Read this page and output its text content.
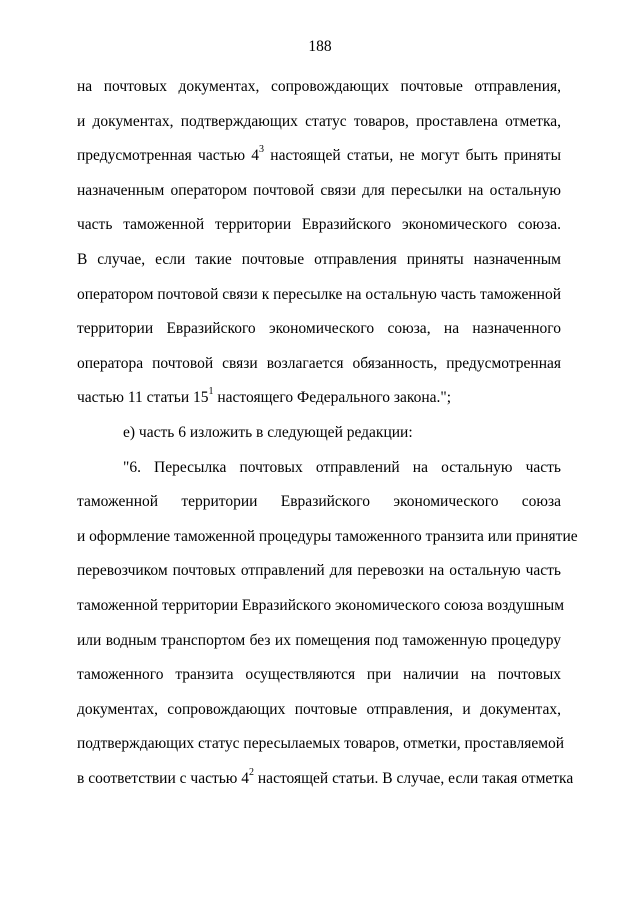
188
на почтовых документах, сопровождающих почтовые отправления,
и документах, подтверждающих статус товаров, проставлена отметка,
предусмотренная частью $4^3$ настоящей статьи, не могут быть приняты
назначенным оператором почтовой связи для пересылки на остальную
часть таможенной территории Евразийского экономического союза.
В случае, если такие почтовые отправления приняты назначенным
оператором почтовой связи к пересылке на остальную часть таможенной
территории Евразийского экономического союза, на назначенного
оператора почтовой связи возлагается обязанность, предусмотренная
частью 11 статьи $15^1$ настоящего Федерального закона.";
е) часть 6 изложить в следующей редакции:
"6. Пересылка почтовых отправлений на остальную часть
таможенной территории Евразийского экономического союза
и оформление таможенной процедуры таможенного транзита или принятие
перевозчиком почтовых отправлений для перевозки на остальную часть
таможенной территории Евразийского экономического союза воздушным
или водным транспортом без их помещения под таможенную процедуру
таможенного транзита осуществляются при наличии на почтовых
документах, сопровождающих почтовые отправления, и документах,
подтверждающих статус пересылаемых товаров, отметки, проставляемой
в соответствии с частью $4^2$ настоящей статьи. В случае, если такая отметка
